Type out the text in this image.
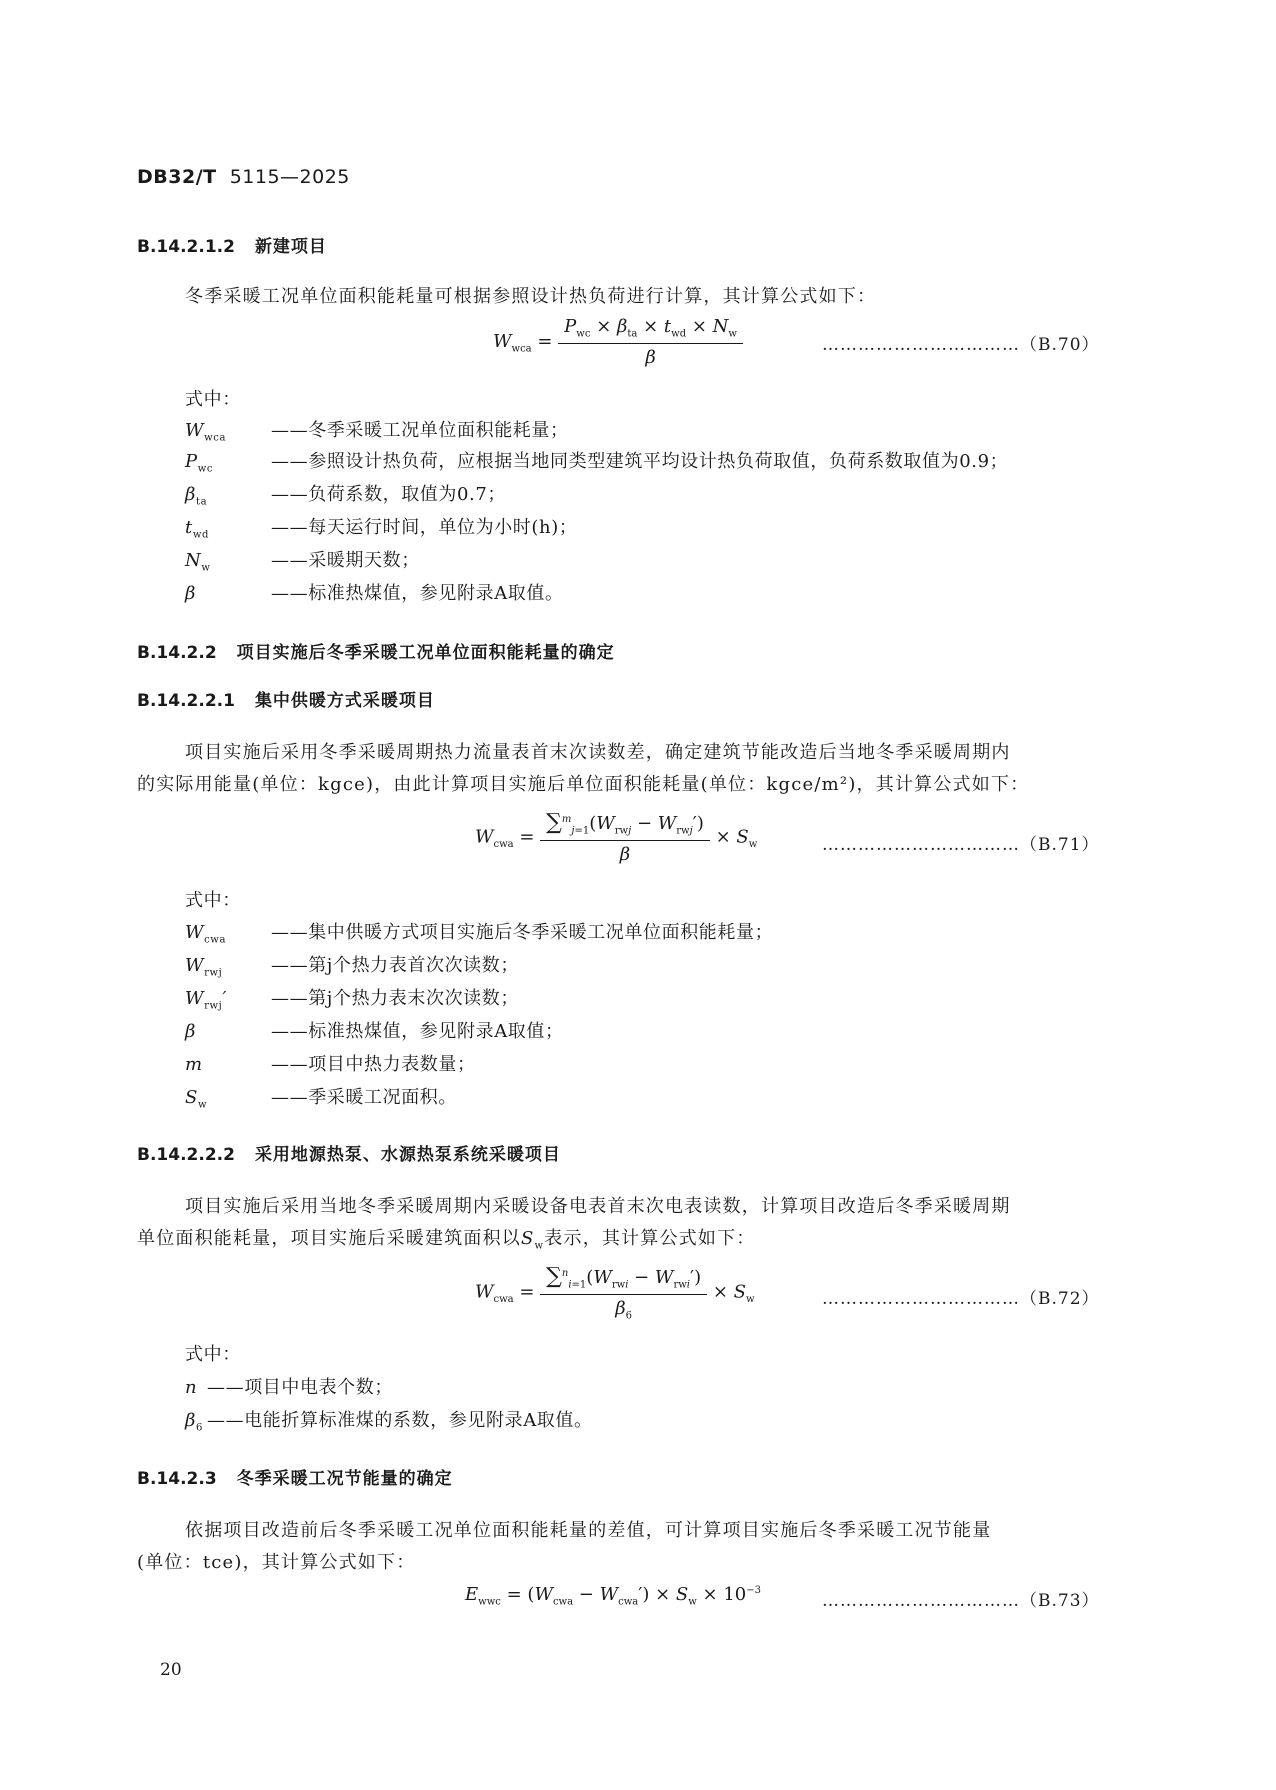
DB32/T 5115—2025
B.14.2.1.2 新建项目
冬季采暖工况单位面积能耗量可根据参照设计热负荷进行计算，其计算公式如下：
$W_{wca} = \frac{P_{wc} \times \beta_{ta} \times t_{wd} \times N_w}{\beta}$	……………………………（B.70）
式中：
$W_{wca}$ ——冬季采暖工况单位面积能耗量；
$P_{wc}$	——参照设计热负荷，应根据当地同类型建筑平均设计热负荷取值，负荷系数取值为0.9；
$\beta_{ta}$	——负荷系数，取值为0.7；
$t_{wd}$	——每天运行时间，单位为小时(h)；
$N_w$	——采暖期天数；
β	——标准热煤值，参见附录A取值。
B.14.2.2 项目实施后冬季采暖工况单位面积能耗量的确定
B.14.2.2.1 集中供暖方式采暖项目
项目实施后采用冬季采暖周期热力流量表首末次读数差，确定建筑节能改造后当地冬季采暖周期内
的实际用能量(单位：kgce)，由此计算项目实施后单位面积能耗量(单位：kgce/m²)，其计算公式如下：
$W_{cwa} = \frac{\sum^m_{j=1}(W_{rwj} - W_{rwj}')}{\beta} \times S_w$	……………………………（B.71）
式中：
$W_{cwa}$ ——集中供暖方式项目实施后冬季采暖工况单位面积能耗量；
$W_{rwj}$	——第j个热力表首次次读数；
$W_{rwj}'$ ——第j个热力表末次次读数；
β	——标准热煤值，参见附录A取值；
m	——项目中热力表数量；
$S_w$	——季采暖工况面积。
B.14.2.2.2 采用地源热泵、水源热泵系统采暖项目
项目实施后采用当地冬季采暖周期内采暖设备电表首末次电表读数，计算项目改造后冬季采暖周期
单位面积能耗量，项目实施后采暖建筑面积以$S_w$表示，其计算公式如下：
$W_{cwa} = \frac{\sum^n_{i=1}(W_{rwi} - W_{rwi}')}{\beta_6} \times S_w$	……………………………（B.72）
式中：
n ——项目中电表个数；
$\beta_6$ ——电能折算标准煤的系数，参见附录A取值。
B.14.2.3 冬季采暖工况节能量的确定
依据项目改造前后冬季采暖工况单位面积能耗量的差值，可计算项目实施后冬季采暖工况节能量
(单位：tce)，其计算公式如下：
$E_{wwc} = (W_{cwa} - W_{cwa}') \times S_w \times 10^{-3}$
……………………………（B.73）
20
